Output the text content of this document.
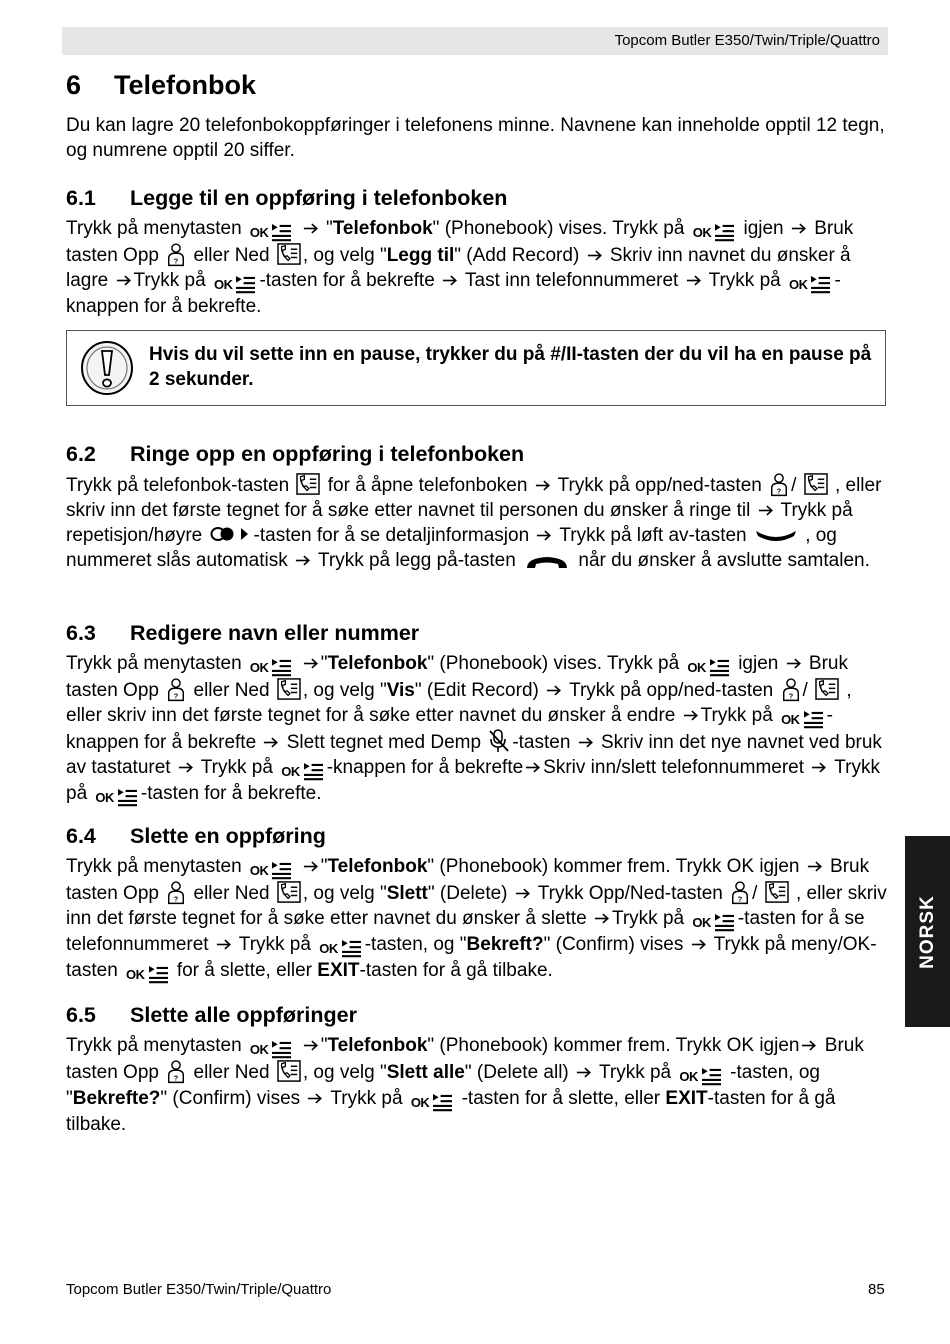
Topcom Butler E350/Twin/Triple/Quattro
6 Telefonbok
Du kan lagre 20 telefonbokoppføringer i telefonens minne. Navnene kan inneholde opptil 12 tegn, og numrene opptil 20 siffer.
6.1 Legge til en oppføring i telefonboken

Trykk på menytasten OK
	"Telefonbok" (Phonebook) vises. Trykk på OK igjen Bruk tasten Opp eller Ned , og velg "Legg til" (Add Record) Skriv inn navnet du ønsker å lagre Trykk på OK -tasten for å bekrefte Tast inn telefonnummeret Trykk på OK -knappen for å bekrefte.

Hvis du vil sette inn en pause, trykker du på #/II-tasten der du vil ha en pause på 2 sekunder.
6.2 Ringe opp en oppføring i telefonboken

Trykk på telefonbok-tasten for å åpne telefonboken Trykk på opp/ned-tasten / , eller skriv inn det første tegnet for å søke etter navnet til personen du ønsker å ringe til Trykk på repetisjon/høyre	-tasten for å se detaljinformasjon Trykk på løft av-tasten	, og nummeret slås automatisk Trykk på legg på-tasten	når du ønsker å avslutte samtalen.

6.3 Redigere navn eller nummer

Trykk på menytasten OK
	"Telefonbok" (Phonebook) vises. Trykk på OK igjen Bruk tasten Opp eller Ned , og velg "Vis" (Edit Record) Trykk på opp/ned-tasten / , eller skriv inn det første tegnet for å søke etter navnet du ønsker å endre Trykk på OK -knappen for å bekrefte Slett tegnet med Demp -tasten Skriv inn det nye navnet ved bruk av tastaturet Trykk på OK -knappen for å bekrefte Skriv inn/slett telefonnummeret Trykk på OK -tasten for å bekrefte.

6.4 Slette en oppføring

Trykk på menytasten OK
	"Telefonbok" (Phonebook) kommer frem. Trykk OK igjen Bruk tasten Opp eller Ned , og velg "Slett" (Delete) Trykk Opp/Ned-tasten / , eller skriv inn det første tegnet for å søke etter navnet du ønsker å slette Trykk på OK -tasten for å se telefonnummeret Trykk på OK -tasten, og "Bekreft?" (Confirm) vises Trykk på meny/OK-tasten OK for å slette, eller EXIT-tasten for å gå tilbake.

6.5 Slette alle oppføringer

Trykk på menytasten OK
	"Telefonbok" (Phonebook) kommer frem. Trykk OK igjen Bruk tasten Opp eller Ned , og velg "Slett alle" (Delete all) Trykk på OK -tasten, og "Bekrefte?" (Confirm) vises Trykk på OK -tasten for å slette, eller EXIT-tasten for å gå tilbake.

NORSK
Topcom Butler E350/Twin/Triple/Quattro	85
